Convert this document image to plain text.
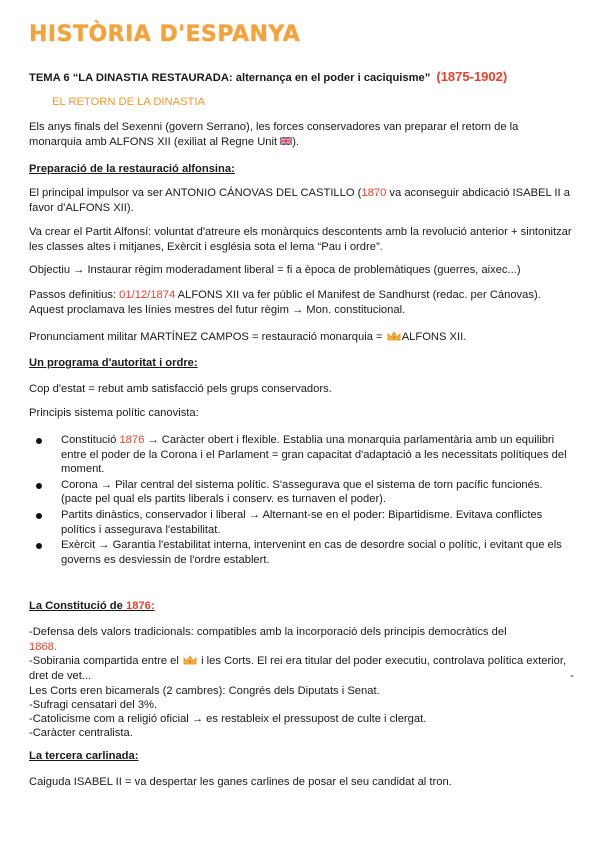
HISTÒRIA D'ESPANYA
TEMA 6 “LA DINASTIA RESTAURADA: alternança en el poder i caciquisme” (1875-1902)
EL RETORN DE LA DINASTIA
Els anys finals del Sexenni (govern Serrano), les forces conservadores van preparar el retorn de la monarquia amb ALFONS XII (exiliat al Regne Unit ).
Preparació de la restauració alfonsina:
El principal impulsor va ser ANTONIO CÁNOVAS DEL CASTILLO (1870 va aconseguir abdicació ISABEL II a favor d'ALFONS XII).
Va crear el Partit Alfonsí: voluntat d'atreure els monàrquics descontents amb la revolució anterior + sintonitzar les classes altes i mitjanes, Exèrcit i església sota el lema “Pau i ordre”.
Objectiu → Instaurar règim moderadament liberal = fi a època de problemàtiques (guerres, aixec...)
Passos definitius: 01/12/1874 ALFONS XII va fer públic el Manifest de Sandhurst (redac. per Cánovas). Aquest proclamava les línies mestres del futur règim → Mon. constitucional.
Pronunciament militar MARTÍNEZ CAMPOS = restauració monarquia = ALFONS XII.
Un programa d'autoritat i ordre:
Cop d'estat = rebut amb satisfacció pels grups conservadors.
Principis sistema polític canovista:
Constitució 1876 → Caràcter obert i flexible. Establia una monarquia parlamentària amb un equilibri entre el poder de la Corona i el Parlament = gran capacitat d'adaptació a les necessitats polítiques del moment.
Corona → Pilar central del sistema polític. S'assegurava que el sistema de torn pacífic funcionés. (pacte pel qual els partits liberals i conserv. es turnaven el poder).
Partits dinàstics, conservador i liberal → Alternant-se en el poder: Bipartidisme. Evitava conflictes polítics i assegurava l'estabilitat.
Exèrcit → Garantia l'estabilitat interna, intervenint en cas de desordre social o polític, i evitant que els governs es desviessin de l'ordre establert.
La Constitució de 1876:
-Defensa dels valors tradicionals: compatibles amb la incorporació dels principis democràtics del
1868.
-Sobirania compartida entre el  i les Corts. El rei era titular del poder executiu, controlava política exterior, dret de vet...	-
Les Corts eren bicamerals (2 cambres): Congrés dels Diputats i Senat.
-Sufragi censatari del 3%.
-Catolicisme com a religió oficial → es restableix el pressupost de culte i clergat.
-Caràcter centralista.
La tercera carlinada:
Caiguda ISABEL II = va despertar les ganes carlines de posar el seu candidat al tron.
